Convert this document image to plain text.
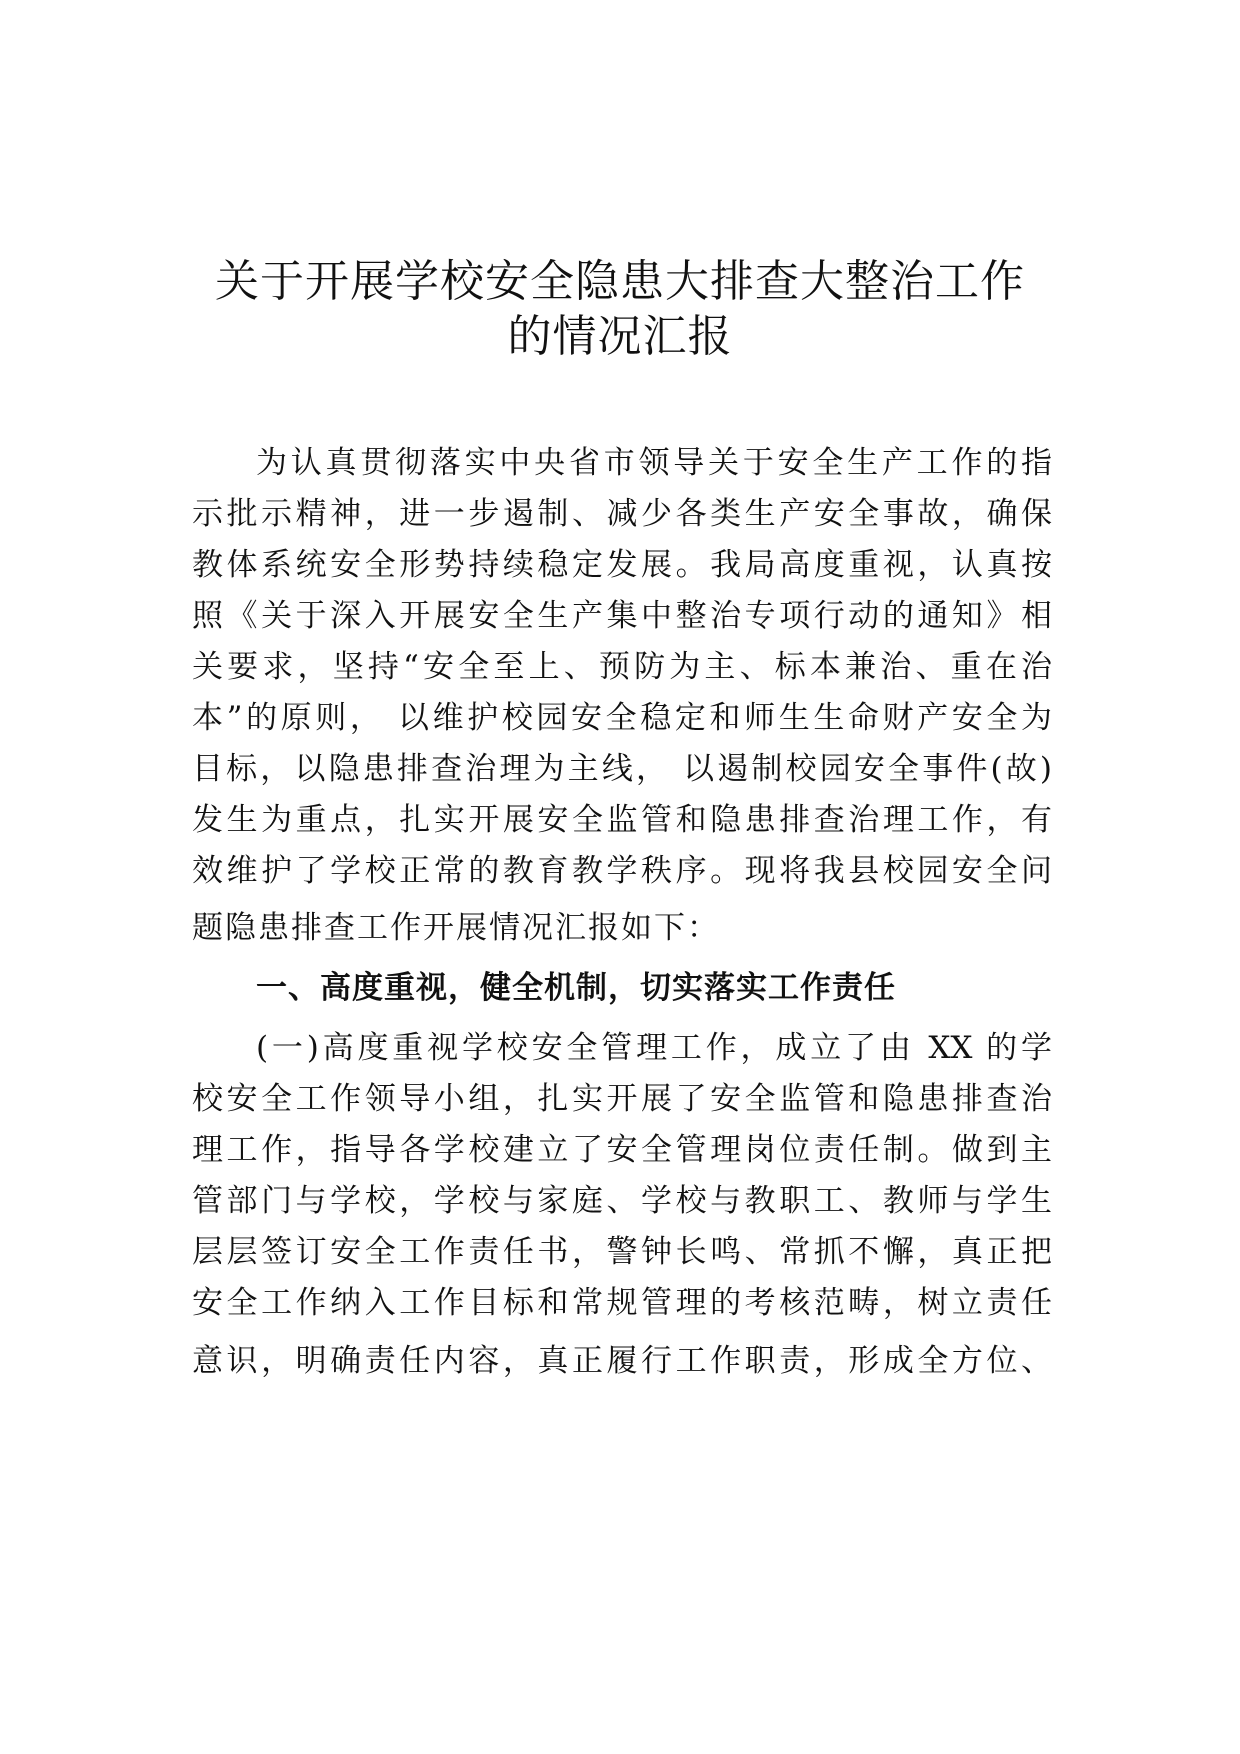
关于开展学校安全隐患大排查大整治工作
的情况汇报
为认真贯彻落实中央省市领导关于安全生产工作的指
示批示精神，进一步遏制、减少各类生产安全事故，确保
教体系统安全形势持续稳定发展。我局高度重视，认真按
照《关于深入开展安全生产集中整治专项行动的通知》相
关要求，坚持“安全至上、预防为主、标本兼治、重在治
本”的原则， 以维护校园安全稳定和师生生命财产安全为
目标，以隐患排查治理为主线， 以遏制校园安全事件(故)
发生为重点，扎实开展安全监管和隐患排查治理工作，有
效维护了学校正常的教育教学秩序。现将我县校园安全问
题隐患排查工作开展情况汇报如下：
一、高度重视，健全机制，切实落实工作责任
(一)高度重视学校安全管理工作，成立了由 XX 的学
校安全工作领导小组，扎实开展了安全监管和隐患排查治
理工作，指导各学校建立了安全管理岗位责任制。做到主
管部门与学校，学校与家庭、学校与教职工、教师与学生
层层签订安全工作责任书，警钟长鸣、常抓不懈，真正把
安全工作纳入工作目标和常规管理的考核范畴，树立责任
意识，明确责任内容，真正履行工作职责，形成全方位、
